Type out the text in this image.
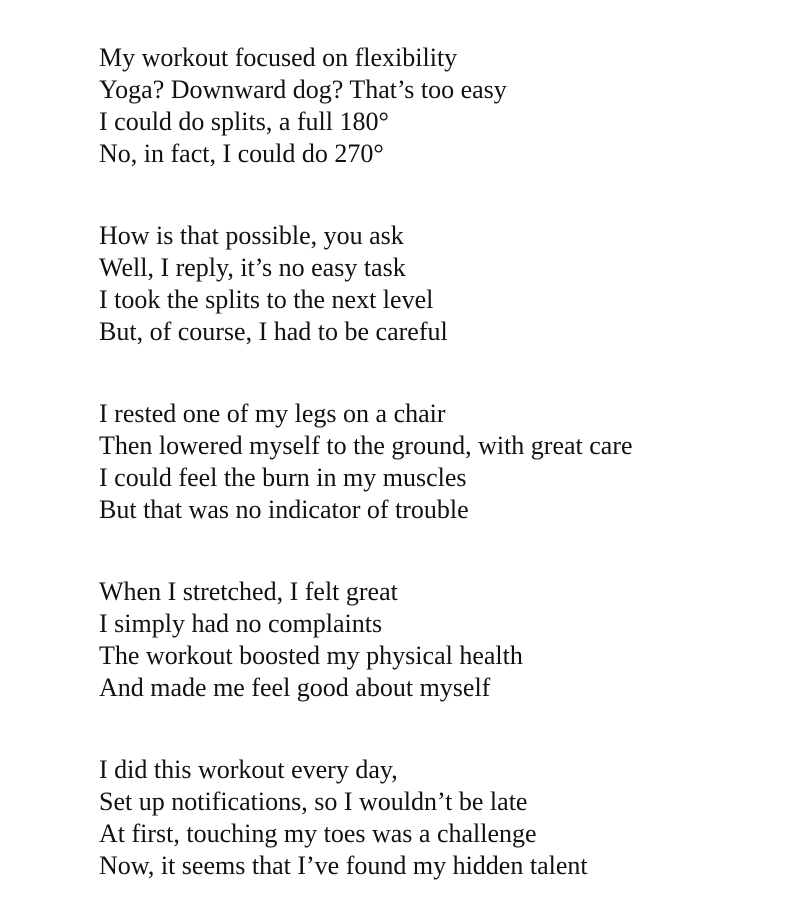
My workout focused on flexibility
Yoga? Downward dog? That’s too easy
I could do splits, a full 180°
No, in fact, I could do 270°
How is that possible, you ask
Well, I reply, it’s no easy task
I took the splits to the next level
But, of course, I had to be careful
I rested one of my legs on a chair
Then lowered myself to the ground, with great care
I could feel the burn in my muscles
But that was no indicator of trouble
When I stretched, I felt great
I simply had no complaints
The workout boosted my physical health
And made me feel good about myself
I did this workout every day,
Set up notifications, so I wouldn’t be late
At first, touching my toes was a challenge
Now, it seems that I’ve found my hidden talent
